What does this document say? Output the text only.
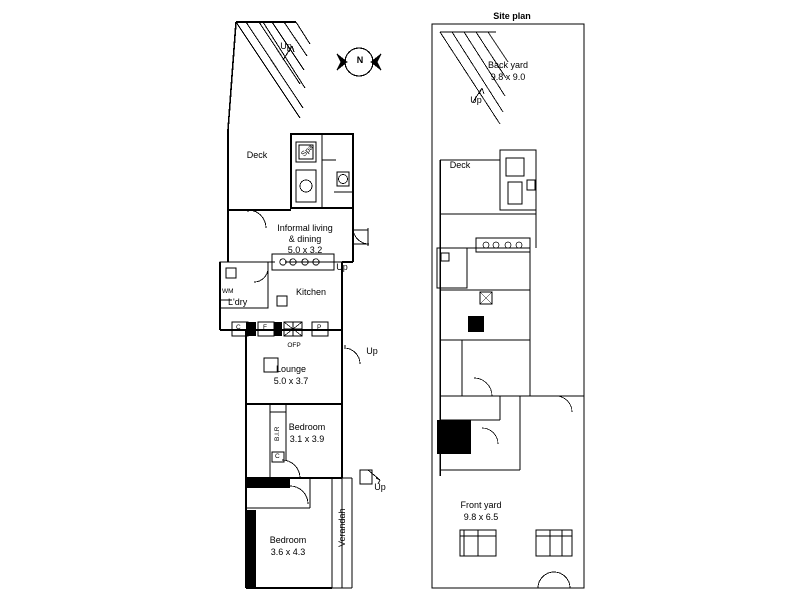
Site plan
N
Up
Deck	Spa
Informal living
& dining
5.0 x 3.2
Kitchen
WM
L'dry
C	F	P
OFP
Lounge
5.0 x 3.7
Bedroom
3.1 x 3.9
B.I.R
C
Bedroom
3.6 x 4.3
Verandah
Up
Up
Up
Back yard
9.8 x 9.0
Up
Deck
Front yard
9.8 x 6.5
